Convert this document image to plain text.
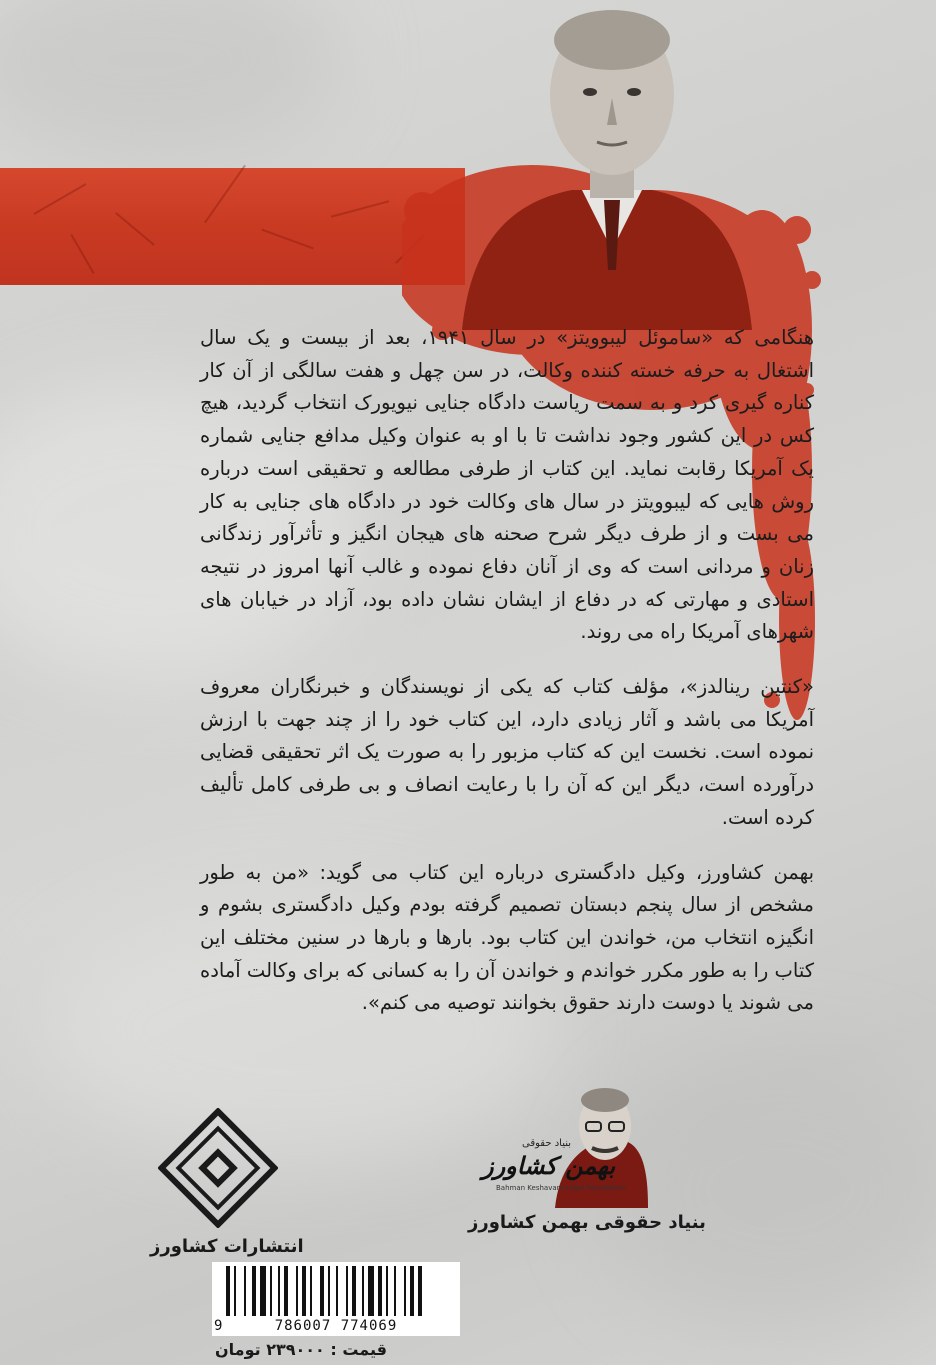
هنگامی که «ساموئل لیبوویتز» در سال ۱۹۴۱، بعد از بیست و یک سال اشتغال به حرفه خسته کننده وکالت، در سن چهل و هفت سالگی از آن کار کناره گیری کرد و به سمت ریاست دادگاه جنایی نیویورک انتخاب گردید، هیچ کس در این کشور وجود نداشت تا با او به عنوان وکیل مدافع جنایی شماره یک آمریکا رقابت نماید. این کتاب از طرفی مطالعه و تحقیقی است درباره روش هایی که لیبوویتز در سال های وکالت خود در دادگاه های جنایی به کار می بست و از طرف دیگر شرح صحنه های هیجان انگیز و تأثرآور زندگانی زنان و مردانی است که وی از آنان دفاع نموده و غالب آنها امروز در نتیجه استادی و مهارتی که در دفاع از ایشان نشان داده بود، آزاد در خیابان های شهرهای آمریکا راه می روند.

«کنتین رینالدز»، مؤلف کتاب که یکی از نویسندگان و خبرنگاران معروف آمریکا می باشد و آثار زیادی دارد، این کتاب خود را از چند جهت با ارزش نموده است. نخست این که کتاب مزبور را به صورت یک اثر تحقیقی قضایی درآورده است، دیگر این که آن را با رعایت انصاف و بی طرفی کامل تألیف کرده است.

بهمن کشاورز، وکیل دادگستری درباره این کتاب می گوید: «من به طور مشخص از سال پنجم دبستان تصمیم گرفته بودم وکیل دادگستری بشوم و انگیزه انتخاب من، خواندن این کتاب بود. بارها و بارها در سنین مختلف این کتاب را به طور مکرر خواندم و خواندن آن را به کسانی که برای وکالت آماده می شوند یا دوست دارند حقوق بخوانند توصیه می کنم».

انتشارات کشاورز
بنیاد حقوقی
بهمن کشاورز
Bahman Keshavarz Legal Foundation
بنیاد حقوقی بهمن کشاورز
9	786007 774069
قیمت : ۲۳۹۰۰۰ تومان
